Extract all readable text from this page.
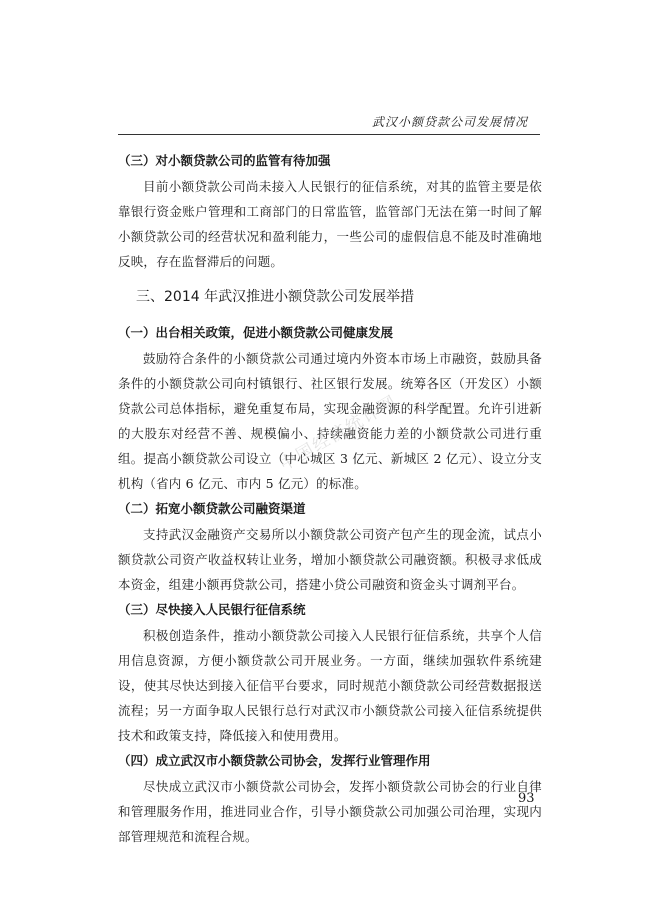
武汉小额贷款公司发展情况
（三）对小额贷款公司的监管有待加强

目前小额贷款公司尚未接入人民银行的征信系统，对其的监管主要是依靠银行资金账户管理和工商部门的日常监管，监管部门无法在第一时间了解小额贷款公司的经营状况和盈利能力，一些公司的虚假信息不能及时准确地反映，存在监督滞后的问题。

三、2014 年武汉推进小额贷款公司发展举措
（一）出台相关政策，促进小额贷款公司健康发展

鼓励符合条件的小额贷款公司通过境内外资本市场上市融资，鼓励具备条件的小额贷款公司向村镇银行、社区银行发展。统筹各区（开发区）小额贷款公司总体指标，避免重复布局，实现金融资源的科学配置。允许引进新的大股东对经营不善、规模偏小、持续融资能力差的小额贷款公司进行重组。提高小额贷款公司设立（中心城区 3 亿元、新城区 2 亿元）、设立分支机构（省内 6 亿元、市内 5 亿元）的标准。

（二）拓宽小额贷款公司融资渠道

支持武汉金融资产交易所以小额贷款公司资产包产生的现金流，试点小额贷款公司资产收益权转让业务，增加小额贷款公司融资额。积极寻求低成本资金，组建小额再贷款公司，搭建小贷公司融资和资金头寸调剂平台。

（三）尽快接入人民银行征信系统

积极创造条件，推动小额贷款公司接入人民银行征信系统，共享个人信用信息资源，方便小额贷款公司开展业务。一方面，继续加强软件系统建设，使其尽快达到接入征信平台要求，同时规范小额贷款公司经营数据报送流程；另一方面争取人民银行总行对武汉市小额贷款公司接入征信系统提供技术和政策支持，降低接入和使用费用。

（四）成立武汉市小额贷款公司协会，发挥行业管理作用

尽快成立武汉市小额贷款公司协会，发挥小额贷款公司协会的行业自律和管理服务作用，推进同业合作，引导小额贷款公司加强公司治理，实现内部管理规范和流程合规。

中国经济统计网
93
